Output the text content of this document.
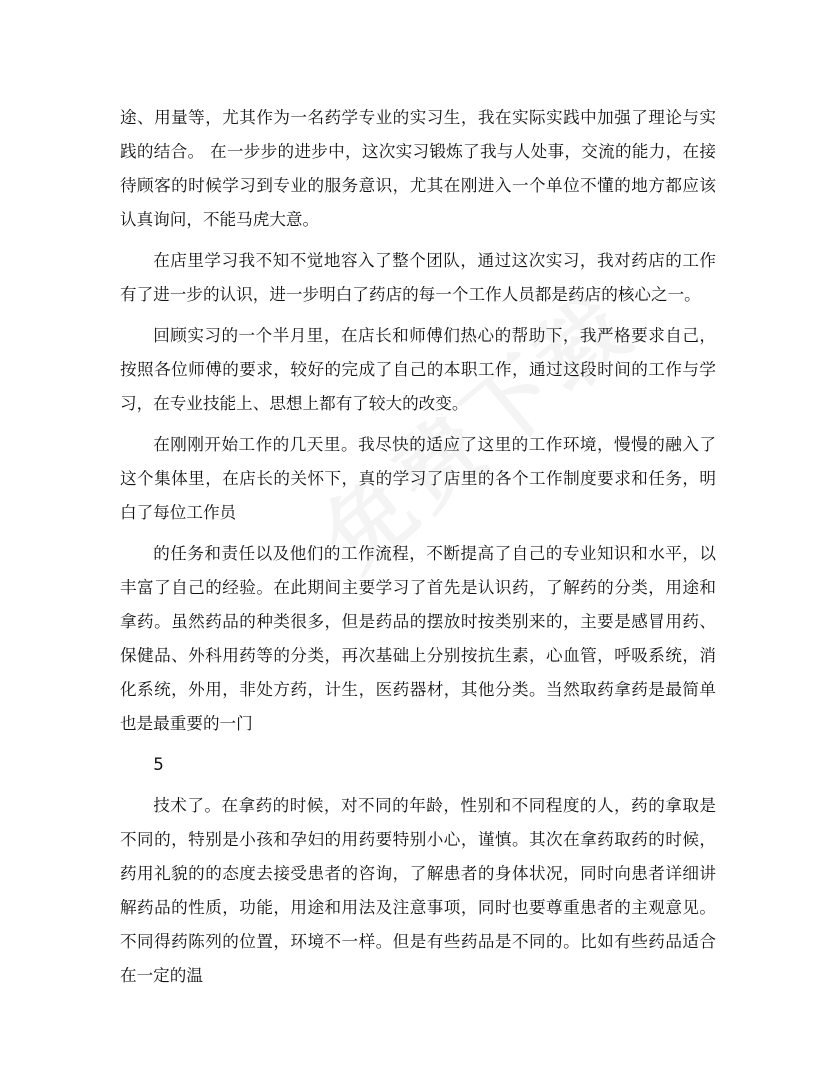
途、用量等，尤其作为一名药学专业的实习生，我在实际实践中加强了理论与实践的结合。 在一步步的进步中，这次实习锻炼了我与人处事，交流的能力，在接待顾客的时候学习到专业的服务意识，尤其在刚进入一个单位不懂的地方都应该认真询问，不能马虎大意。

在店里学习我不知不觉地容入了整个团队，通过这次实习，我对药店的工作有了进一步的认识，进一步明白了药店的每一个工作人员都是药店的核心之一。

回顾实习的一个半月里，在店长和师傅们热心的帮助下，我严格要求自己，按照各位师傅的要求，较好的完成了自己的本职工作，通过这段时间的工作与学习，在专业技能上、思想上都有了较大的改变。

在刚刚开始工作的几天里。我尽快的适应了这里的工作环境，慢慢的融入了这个集体里，在店长的关怀下，真的学习了店里的各个工作制度要求和任务，明白了每位工作员

的任务和责任以及他们的工作流程，不断提高了自己的专业知识和水平，以丰富了自己的经验。在此期间主要学习了首先是认识药，了解药的分类，用途和拿药。虽然药品的种类很多，但是药品的摆放时按类别来的，主要是感冒用药、保健品、外科用药等的分类，再次基础上分别按抗生素，心血管，呼吸系统，消化系统，外用，非处方药，计生，医药器材，其他分类。当然取药拿药是最简单也是最重要的一门

5

技术了。在拿药的时候，对不同的年龄，性别和不同程度的人，药的拿取是不同的，特别是小孩和孕妇的用药要特别小心，谨慎。其次在拿药取药的时候，药用礼貌的的态度去接受患者的咨询，了解患者的身体状况，同时向患者详细讲解药品的性质，功能，用途和用法及注意事项，同时也要尊重患者的主观意见。不同得药陈列的位置，环境不一样。但是有些药品是不同的。比如有些药品适合在一定的温
